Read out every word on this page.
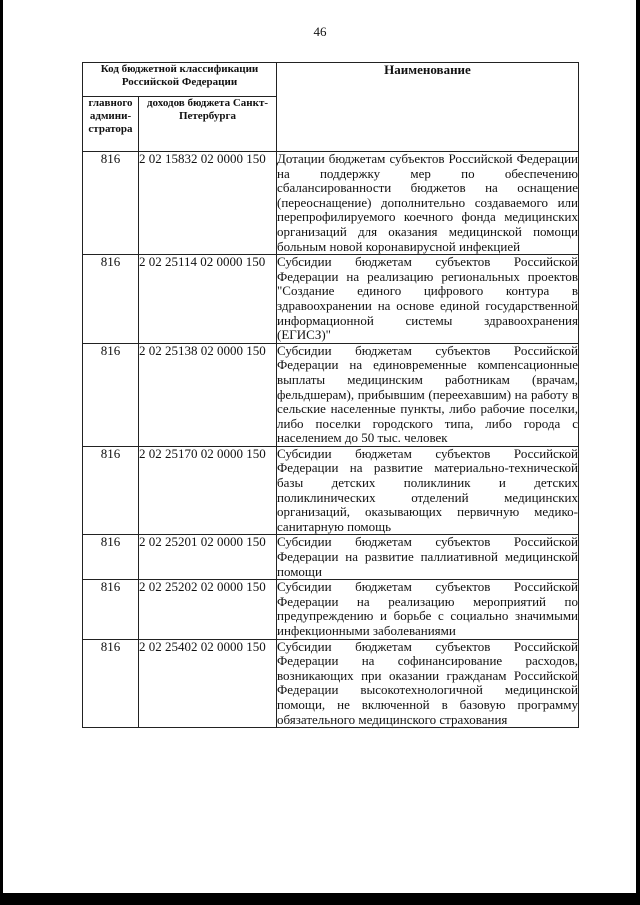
46
Код бюджетной классификации Российской Федерации		Наименование
главного админи-стратора	доходов бюджета Санкт-Петербурга	
816	2 02 15832 02 0000 150	Дотации бюджетам субъектов Российской Федерации на поддержку мер по обеспечению сбалансированности бюджетов на оснащение (переоснащение) дополнительно создаваемого или перепрофилируемого коечного фонда медицинских организаций для оказания медицинской помощи больным новой коронавирусной инфекцией
816	2 02 25114 02 0000 150	Субсидии бюджетам субъектов Российской Федерации на реализацию региональных проектов "Создание единого цифрового контура в здравоохранении на основе единой государственной информационной системы здравоохранения (ЕГИСЗ)"
816	2 02 25138 02 0000 150	Субсидии бюджетам субъектов Российской Федерации на единовременные компенсационные выплаты медицинским работникам (врачам, фельдшерам), прибывшим (переехавшим) на работу в сельские населенные пункты, либо рабочие поселки, либо поселки городского типа, либо города с населением до 50 тыс. человек
816	2 02 25170 02 0000 150	Субсидии бюджетам субъектов Российской Федерации на развитие материально-технической базы детских поликлиник и детских поликлинических отделений медицинских организаций, оказывающих первичную медико-санитарную помощь
816	2 02 25201 02 0000 150	Субсидии бюджетам субъектов Российской Федерации на развитие паллиативной медицинской помощи
816	2 02 25202 02 0000 150	Субсидии бюджетам субъектов Российской Федерации на реализацию мероприятий по предупреждению и борьбе с социально значимыми инфекционными заболеваниями
816	2 02 25402 02 0000 150	Субсидии бюджетам субъектов Российской Федерации на софинансирование расходов, возникающих при оказании гражданам Российской Федерации высокотехнологичной медицинской помощи, не включенной в базовую программу обязательного медицинского страхования
